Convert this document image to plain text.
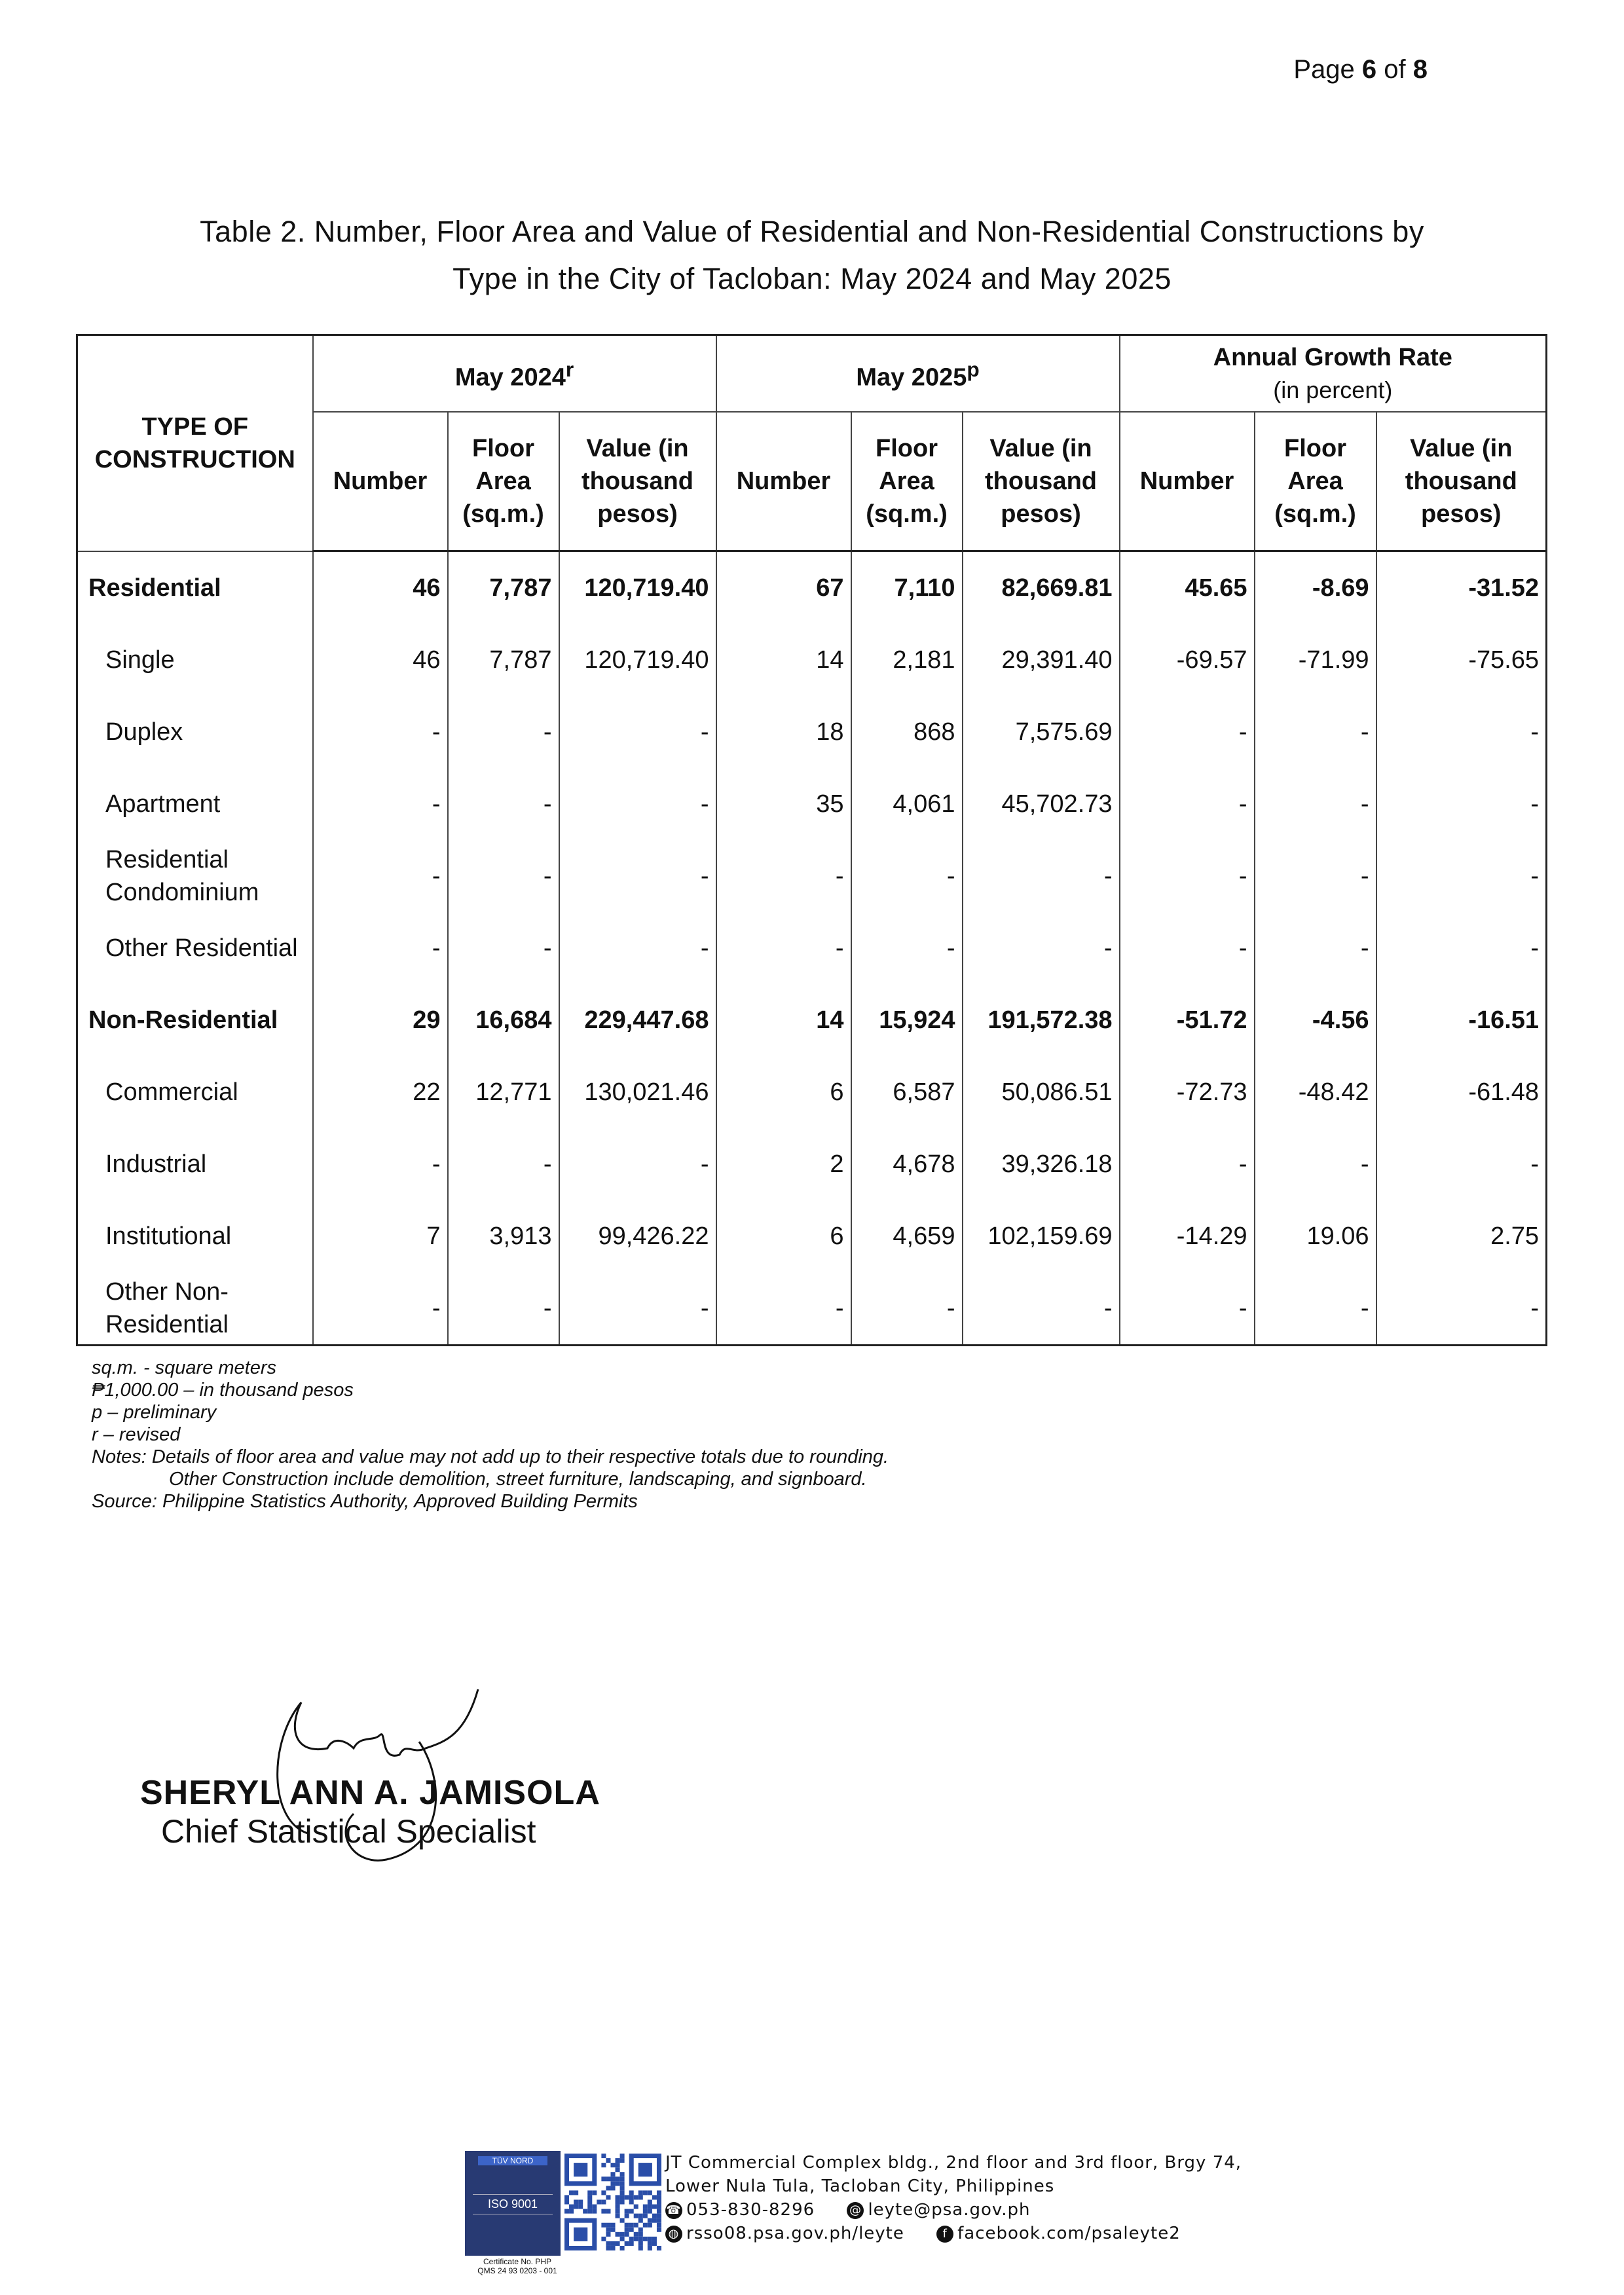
Page 6 of 8
Table 2. Number, Floor Area and Value of Residential and Non-Residential Constructions by
Type in the City of Tacloban: May 2024 and May 2025
TYPE OF CONSTRUCTION	May 2024$^r$			May 2025$^p$			Annual Growth Rate
(in percent)		

	Number	Floor Area (sq.m.)	Value (in thousand pesos)	Number	Floor Area (sq.m.)	Value (in thousand pesos)	Number	Floor Area (sq.m.)	Value (in thousand pesos)
Residential	46	7,787	120,719.40	67	7,110	82,669.81	45.65	-8.69	-31.52
Single	46	7,787	120,719.40	14	2,181	29,391.40	-69.57	-71.99	-75.65
Duplex	-	-	-	18	868	7,575.69	-	-	-
Apartment	-	-	-	35	4,061	45,702.73	-	-	-
Residential Condominium	-	-	-	-	-	-	-	-	-
Other Residential	-	-	-	-	-	-	-	-	-
Non-Residential	29	16,684	229,447.68	14	15,924	191,572.38	-51.72	-4.56	-16.51
Commercial	22	12,771	130,021.46	6	6,587	50,086.51	-72.73	-48.42	-61.48
Industrial	-	-	-	2	4,678	39,326.18	-	-	-
Institutional	7	3,913	99,426.22	6	4,659	102,159.69	-14.29	19.06	2.75
Other Non-Residential	-	-	-	-	-	-	-	-	-
sq.m. - square meters
₱1,000.00 – in thousand pesos
p – preliminary
r – revised
Notes: Details of floor area and value may not add up to their respective totals due to rounding.
Other Construction include demolition, street furniture, landscaping, and signboard.
Source: Philippine Statistics Authority, Approved Building Permits
SHERYL ANN A. JAMISOLA
Chief Statistical Specialist
TÜV NORD
ISO 9001
Certificate No. PHP
QMS 24 93 0203 - 001
JT Commercial Complex bldg., 2nd floor and 3rd floor, Brgy 74,
Lower Nula Tula, Tacloban City, Philippines
☎ 053-830-8296	@ leyte@psa.gov.ph
◍ rsso08.psa.gov.ph/leyte	f facebook.com/psaleyte2
